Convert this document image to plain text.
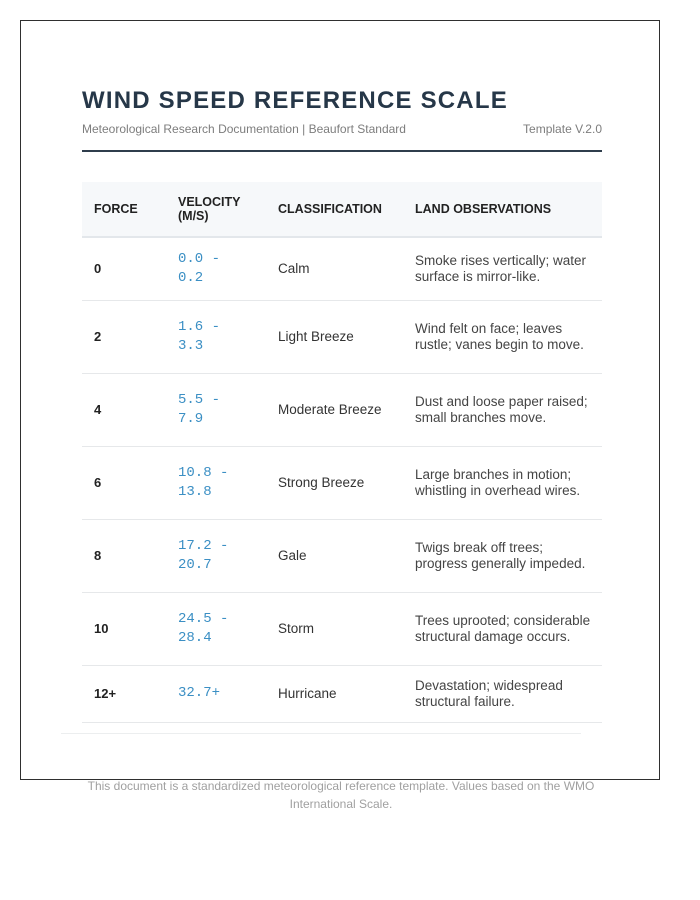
WIND SPEED REFERENCE SCALE
Meteorological Research Documentation | Beaufort Standard	Template V.2.0
FORCE	VELOCITY (M/S)	CLASSIFICATION	LAND OBSERVATIONS
0	0.0 - 0.2	Calm	Smoke rises vertically; water surface is mirror-like.
2	1.6 - 3.3	Light Breeze	Wind felt on face; leaves rustle; vanes begin to move.
4	5.5 - 7.9	Moderate Breeze	Dust and loose paper raised; small branches move.
6	10.8 - 13.8	Strong Breeze	Large branches in motion; whistling in overhead wires.
8	17.2 - 20.7	Gale	Twigs break off trees; progress generally impeded.
10	24.5 - 28.4	Storm	Trees uprooted; considerable structural damage occurs.
12+	32.7+	Hurricane	Devastation; widespread structural failure.
This document is a standardized meteorological reference template. Values based on the WMO International Scale.
